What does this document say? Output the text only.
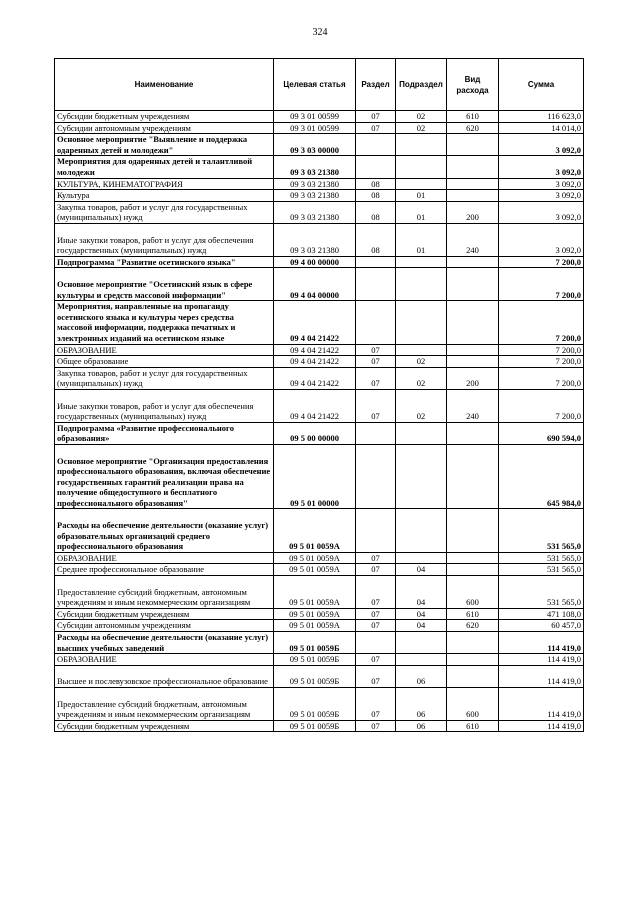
324
Наименование	Целевая статья	Раздел	Подраздел	Вид расхода	Сумма
Субсидии бюджетным учреждениям	09 3 01 00599	07	02	610	116 623,0
Субсидии автономным учреждениям	09 3 01 00599	07	02	620	14 014,0
Основное мероприятие "Выявление и поддержка одаренных детей и молодежи"	09 3 03 00000				3 092,0
Мероприятия для одаренных детей и талантливой молодежи	09 3 03 21380				3 092,0
КУЛЬТУРА, КИНЕМАТОГРАФИЯ	09 3 03 21380	08			3 092,0
Культура	09 3 03 21380	08	01		3 092,0
Закупка товаров, работ и услуг для государственных (муниципальных) нужд	09 3 03 21380	08	01	200	3 092,0
Иные закупки товаров, работ и услуг для обеспечения государственных (муниципальных) нужд	09 3 03 21380	08	01	240	3 092,0
Подпрограмма "Развитие осетинского языка"	09 4 00 00000				7 200,0
Основное мероприятие "Осетинский язык в сфере культуры и средств массовой информации"	09 4 04 00000				7 200,0
Мероприятия, направленные на пропаганду осетинского языка и культуры через средства массовой информации, поддержка печатных и электронных изданий на осетинском языке	09 4 04 21422				7 200,0
ОБРАЗОВАНИЕ	09 4 04 21422	07			7 200,0
Общее образование	09 4 04 21422	07	02		7 200,0
Закупка товаров, работ и услуг для государственных (муниципальных) нужд	09 4 04 21422	07	02	200	7 200,0
Иные закупки товаров, работ и услуг для обеспечения государственных (муниципальных) нужд	09 4 04 21422	07	02	240	7 200,0
Подпрограмма «Развитие профессионального образования»	09 5 00 00000				690 594,0
Основное мероприятие "Организация предоставления профессионального образования, включая обеспечение государственных гарантий реализации права на получение общедоступного и бесплатного профессионального образования"	09 5 01 00000				645 984,0
Расходы на обеспечение деятельности (оказание услуг) образовательных организаций среднего профессионального образования	09 5 01 0059А				531 565,0
ОБРАЗОВАНИЕ	09 5 01 0059А	07			531 565,0
Среднее профессиональное образование	09 5 01 0059А	07	04		531 565,0
Предоставление субсидий бюджетным, автономным учреждениям и иным некоммерческим организациям	09 5 01 0059А	07	04	600	531 565,0
Субсидии бюджетным учреждениям	09 5 01 0059А	07	04	610	471 108,0
Субсидии автономным учреждениям	09 5 01 0059А	07	04	620	60 457,0
Расходы на обеспечение деятельности (оказание услуг) высших учебных заведений	09 5 01 0059Б				114 419,0
ОБРАЗОВАНИЕ	09 5 01 0059Б	07			114 419,0
Высшее и послевузовское профессиональное образование	09 5 01 0059Б	07	06		114 419,0
Предоставление субсидий бюджетным, автономным учреждениям и иным некоммерческим организациям	09 5 01 0059Б	07	06	600	114 419,0
Субсидии бюджетным учреждениям	09 5 01 0059Б	07	06	610	114 419,0
